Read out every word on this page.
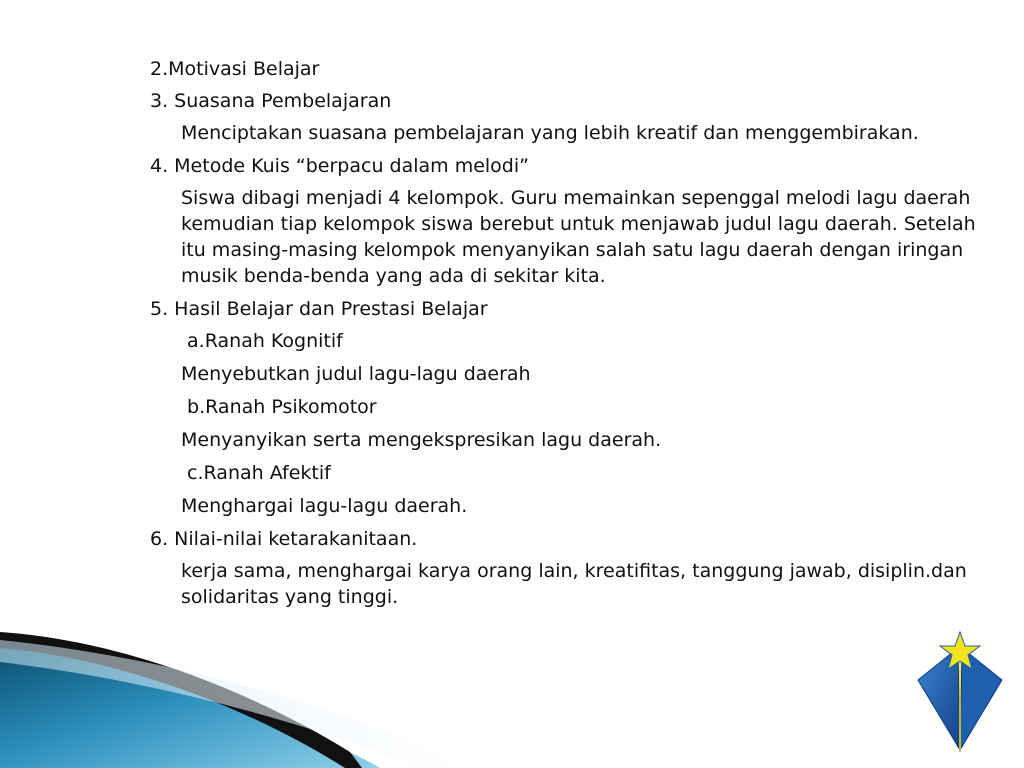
2.Motivasi Belajar

3. Suasana Pembelajaran

Menciptakan suasana pembelajaran yang lebih kreatif dan menggembirakan.

4. Metode Kuis “berpacu dalam melodi”

Siswa dibagi menjadi 4 kelompok. Guru memainkan sepenggal melodi lagu daerah kemudian tiap kelompok siswa berebut untuk menjawab judul lagu daerah. Setelah itu masing-masing kelompok menyanyikan salah satu lagu daerah dengan iringan musik benda-benda yang ada di sekitar kita.

5. Hasil Belajar dan Prestasi Belajar

a.Ranah Kognitif

Menyebutkan judul lagu-lagu daerah

b.Ranah Psikomotor

Menyanyikan serta mengekspresikan lagu daerah.

c.Ranah Afektif

Menghargai lagu-lagu daerah.

6. Nilai-nilai ketarakanitaan.

kerja sama, menghargai karya orang lain, kreatifitas, tanggung jawab, disiplin.dan solidaritas yang tinggi.
